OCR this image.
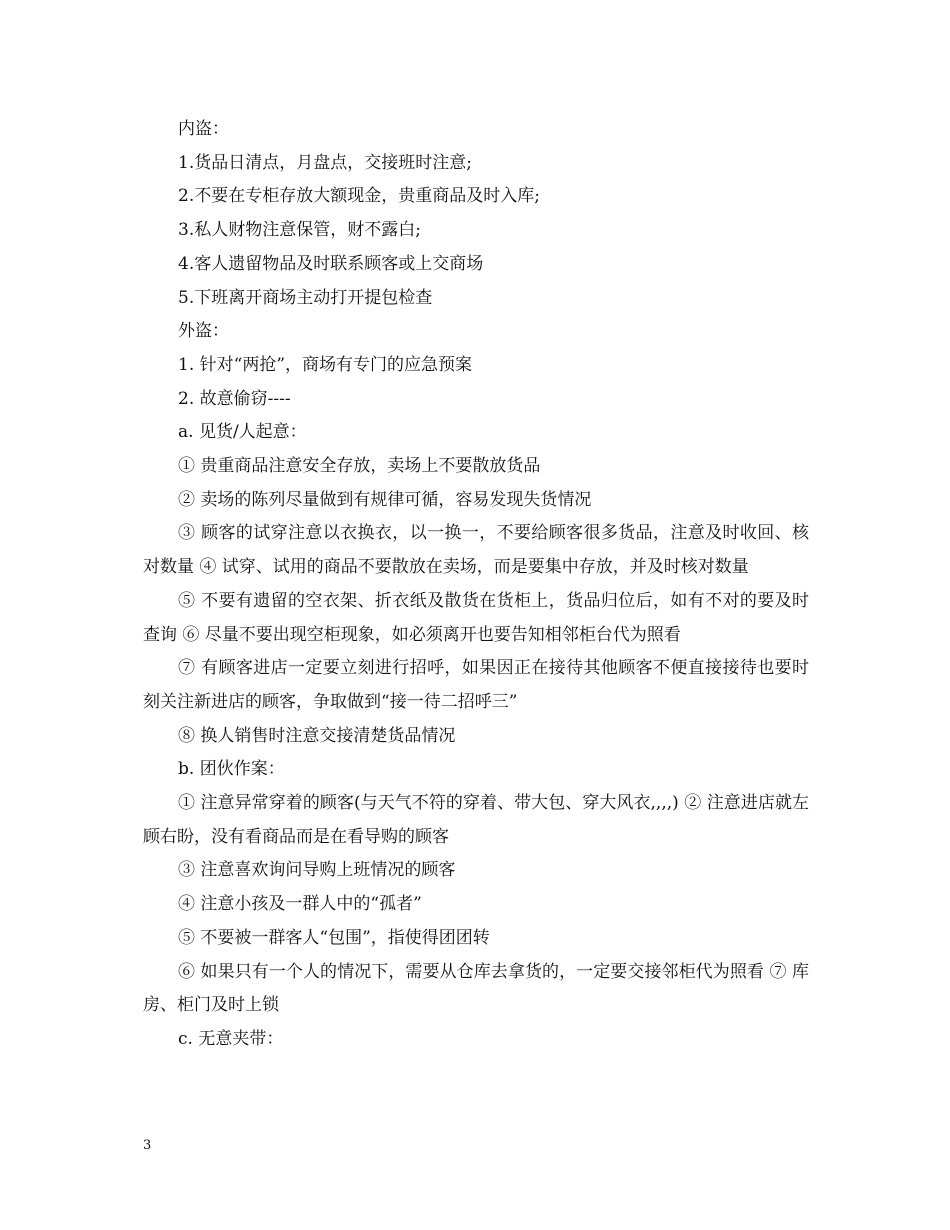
内盗：

1.货品日清点，月盘点，交接班时注意;

2.不要在专柜存放大额现金，贵重商品及时入库;

3.私人财物注意保管，财不露白;

4.客人遗留物品及时联系顾客或上交商场

5.下班离开商场主动打开提包检查

外盗：

1. 针对“两抢”，商场有专门的应急预案

2. 故意偷窃----

a. 见货/人起意：

① 贵重商品注意安全存放，卖场上不要散放货品

② 卖场的陈列尽量做到有规律可循，容易发现失货情况

③ 顾客的试穿注意以衣换衣，以一换一，不要给顾客很多货品，注意及时收回、核对数量 ④ 试穿、试用的商品不要散放在卖场，而是要集中存放，并及时核对数量

⑤ 不要有遗留的空衣架、折衣纸及散货在货柜上，货品归位后，如有不对的要及时查询 ⑥ 尽量不要出现空柜现象，如必须离开也要告知相邻柜台代为照看

⑦ 有顾客进店一定要立刻进行招呼，如果因正在接待其他顾客不便直接接待也要时刻关注新进店的顾客，争取做到“接一待二招呼三”

⑧ 换人销售时注意交接清楚货品情况

b. 团伙作案：

① 注意异常穿着的顾客(与天气不符的穿着、带大包、穿大风衣,,,,) ② 注意进店就左顾右盼，没有看商品而是在看导购的顾客

③ 注意喜欢询问导购上班情况的顾客

④ 注意小孩及一群人中的“孤者”

⑤ 不要被一群客人“包围”，指使得团团转

⑥ 如果只有一个人的情况下，需要从仓库去拿货的，一定要交接邻柜代为照看 ⑦ 库房、柜门及时上锁

c. 无意夹带：

3
